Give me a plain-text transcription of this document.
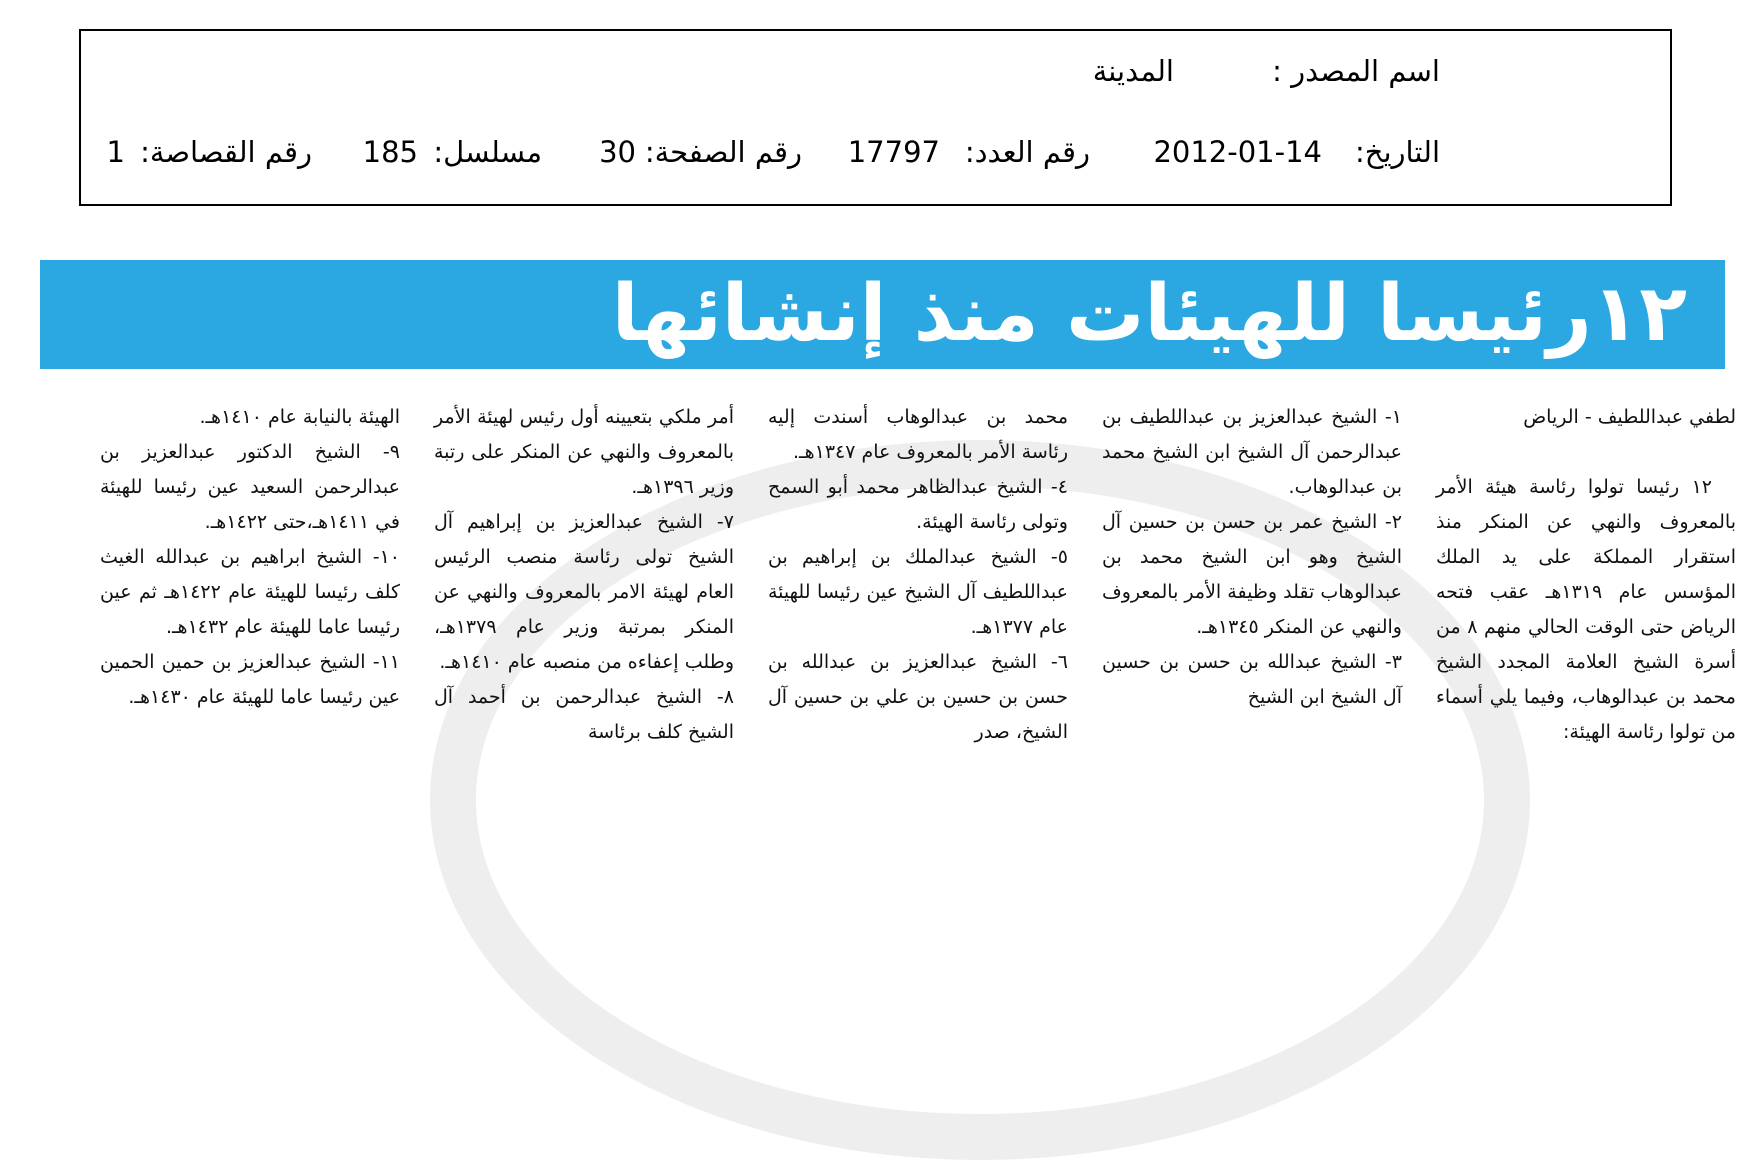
اسم المصدر :
المدينة
التاريخ:
2012-01-14
رقم العدد:
17797
رقم الصفحة:
30
مسلسل:
185
رقم القصاصة:
1
١٢رئيسا للهيئات منذ إنشائها
لطفي عبداللطيف - الرياض
١٢ رئيسا تولوا رئاسة هيئة الأمر بالمعروف والنهي عن المنكر منذ استقرار المملكة على يد الملك المؤسس عام ١٣١٩هـ عقب فتحه الرياض حتى الوقت الحالي منهم ٨ من أسرة الشيخ العلامة المجدد الشيخ محمد بن عبدالوهاب، وفيما يلي أسماء من تولوا رئاسة الهيئة:

١- الشيخ عبدالعزيز بن عبداللطيف بن عبدالرحمن آل الشيخ ابن الشيخ محمد بن عبدالوهاب.

٢- الشيخ عمر بن حسن بن حسين آل الشيخ وهو ابن الشيخ محمد بن عبدالوهاب تقلد وظيفة الأمر بالمعروف والنهي عن المنكر ١٣٤٥هـ.

٣- الشيخ عبدالله بن حسن بن حسين آل الشيخ ابن الشيخ

محمد بن عبدالوهاب أسندت إليه رئاسة الأمر بالمعروف عام ١٣٤٧هـ.

٤- الشيخ عبدالظاهر محمد أبو السمح وتولى رئاسة الهيئة.

٥- الشيخ عبدالملك بن إبراهيم بن عبداللطيف آل الشيخ عين رئيسا للهيئة عام ١٣٧٧هـ.

٦- الشيخ عبدالعزيز بن عبدالله بن حسن بن حسين بن علي بن حسين آل الشيخ، صدر

أمر ملكي بتعيينه أول رئيس لهيئة الأمر بالمعروف والنهي عن المنكر على رتبة وزير ١٣٩٦هـ.

٧- الشيخ عبدالعزيز بن إبراهيم آل الشيخ تولى رئاسة منصب الرئيس العام لهيئة الامر بالمعروف والنهي عن المنكر بمرتبة وزير عام ١٣٧٩هـ، وطلب إعفاءه من منصبه عام ١٤١٠هـ.

٨- الشيخ عبدالرحمن بن أحمد آل الشيخ كلف برئاسة

الهيئة بالنيابة عام ١٤١٠هـ.

٩- الشيخ الدكتور عبدالعزيز بن عبدالرحمن السعيد عين رئيسا للهيئة في ١٤١١هـ،حتى ١٤٢٢هـ.

١٠- الشيخ ابراهيم بن عبدالله الغيث كلف رئيسا للهيئة عام ١٤٢٢هـ ثم عين رئيسا عاما للهيئة عام ١٤٣٢هـ.

١١- الشيخ عبدالعزيز بن حمين الحمين عين رئيسا عاما للهيئة عام ١٤٣٠هـ.
